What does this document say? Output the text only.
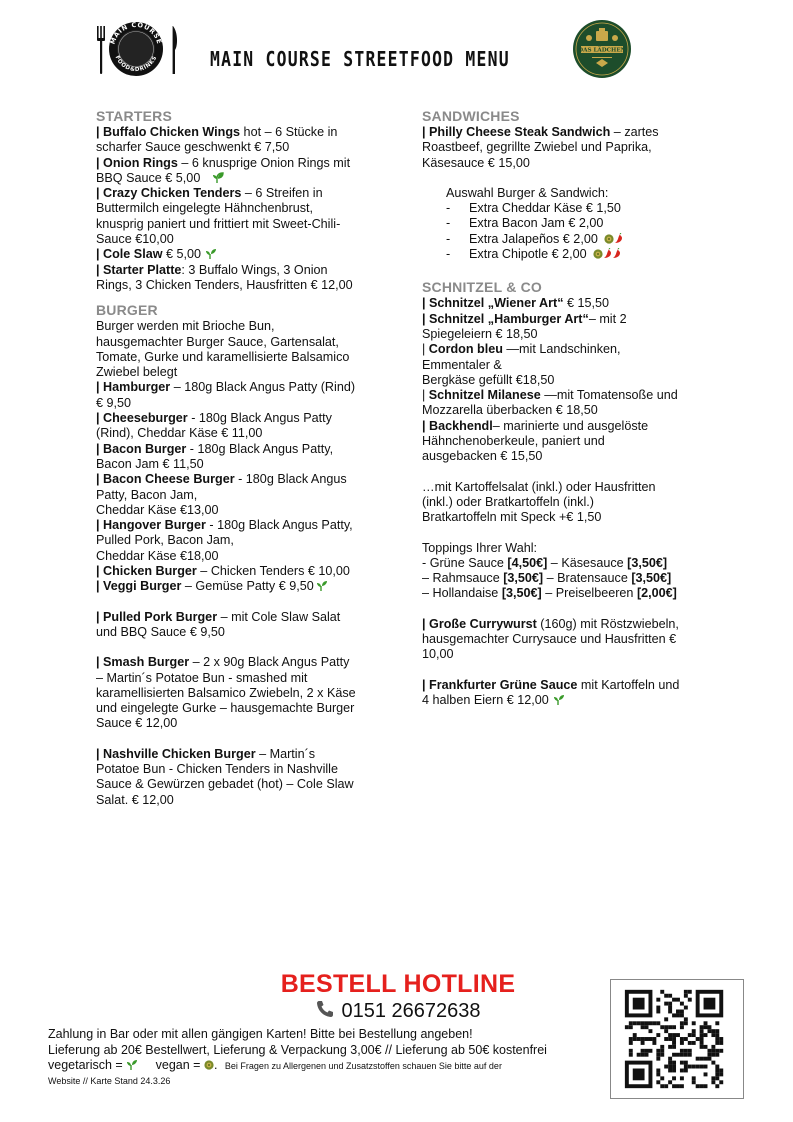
MAIN COURSE
FOOD&DRINKS	MAIN COURSE STREETFOOD MENU	DAS LÄDCHEN
STARTERS
| Buffalo Chicken Wings hot – 6 Stücke in
scharfer Sauce geschwenkt € 7,50
| Onion Rings – 6 knusprige Onion Rings mit
BBQ Sauce € 5,00
| Crazy Chicken Tenders – 6 Streifen in
Buttermilch eingelegte Hähnchenbrust,
knusprig paniert und frittiert mit Sweet-Chili-
Sauce €10,00
| Cole Slaw € 5,00
| Starter Platte: 3 Buffalo Wings, 3 Onion
Rings, 3 Chicken Tenders, Hausfritten € 12,00
BURGER
Burger werden mit Brioche Bun,
hausgemachter Burger Sauce, Gartensalat,
Tomate, Gurke und karamellisierte Balsamico
Zwiebel belegt
| Hamburger – 180g Black Angus Patty (Rind)
€ 9,50
| Cheeseburger - 180g Black Angus Patty
(Rind), Cheddar Käse € 11,00
| Bacon Burger - 180g Black Angus Patty,
Bacon Jam € 11,50
| Bacon Cheese Burger - 180g Black Angus
Patty, Bacon Jam,
Cheddar Käse €13,00
| Hangover Burger - 180g Black Angus Patty,
Pulled Pork, Bacon Jam,
Cheddar Käse €18,00
| Chicken Burger – Chicken Tenders € 10,00
| Veggi Burger – Gemüse Patty € 9,50
| Pulled Pork Burger – mit Cole Slaw Salat
und BBQ Sauce € 9,50
| Smash Burger – 2 x 90g Black Angus Patty
– Martin´s Potatoe Bun - smashed mit
karamellisierten Balsamico Zwiebeln, 2 x Käse
und eingelegte Gurke – hausgemachte Burger
Sauce € 12,00
| Nashville Chicken Burger – Martin´s
Potatoe Bun - Chicken Tenders in Nashville
Sauce & Gewürzen gebadet (hot) – Cole Slaw
Salat. € 12,00
SANDWICHES
| Philly Cheese Steak Sandwich – zartes
Roastbeef, gegrillte Zwiebel und Paprika,
Käsesauce € 15,00
Auswahl Burger & Sandwich:
- Extra Cheddar Käse € 1,50
- Extra Bacon Jam € 2,00
- Extra Jalapeños € 2,00
- Extra Chipotle € 2,00
SCHNITZEL & CO
| Schnitzel „Wiener Art“ € 15,50
| Schnitzel „Hamburger Art“– mit 2
Spiegeleiern € 18,50
| Cordon bleu —mit Landschinken,
Emmentaler &
Bergkäse gefüllt €18,50
| Schnitzel Milanese —mit Tomatensoße und
Mozzarella überbacken € 18,50
| Backhendl– marinierte und ausgelöste
Hähnchenoberkeule, paniert und
ausgebacken € 15,50
…mit Kartoffelsalat (inkl.) oder Hausfritten
(inkl.) oder Bratkartoffeln (inkl.)
Bratkartoffeln mit Speck +€ 1,50
Toppings Ihrer Wahl:
- Grüne Sauce [4,50€] – Käsesauce [3,50€]
– Rahmsauce [3,50€] – Bratensauce [3,50€]
– Hollandaise [3,50€] – Preiselbeeren [2,00€]
| Große Currywurst (160g) mit Röstzwiebeln,
hausgemachter Currysauce und Hausfritten €
10,00
| Frankfurter Grüne Sauce mit Kartoffeln und
4 halben Eiern € 12,00
BESTELL HOTLINE
0151 26672638
Zahlung in Bar oder mit allen gängigen Karten! Bitte bei Bestellung angeben!
Lieferung ab 20€ Bestellwert, Lieferung & Verpackung 3,00€ // Lieferung ab 50€ kostenfrei
vegetarisch =  vegan = . Bei Fragen zu Allergenen und Zusatzstoffen schauen Sie bitte auf der
Website // Karte Stand 24.3.26
